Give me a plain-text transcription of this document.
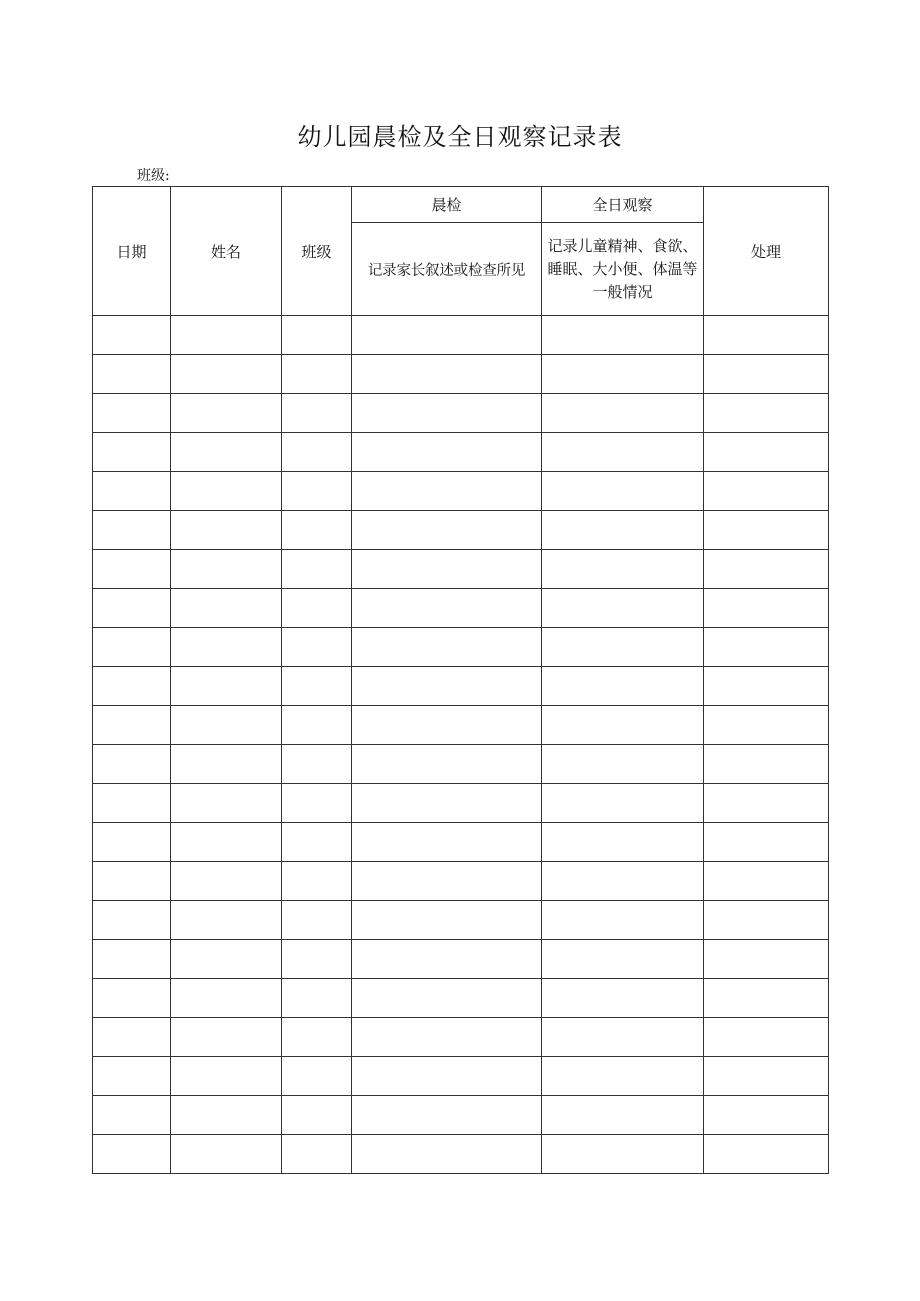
幼儿园晨检及全日观察记录表
班级:
日期	姓名	班级	晨检	全日观察	处理
			记录家长叙述或检查所见	记录儿童精神、食欲、睡眠、大小便、体温等一般情况	
